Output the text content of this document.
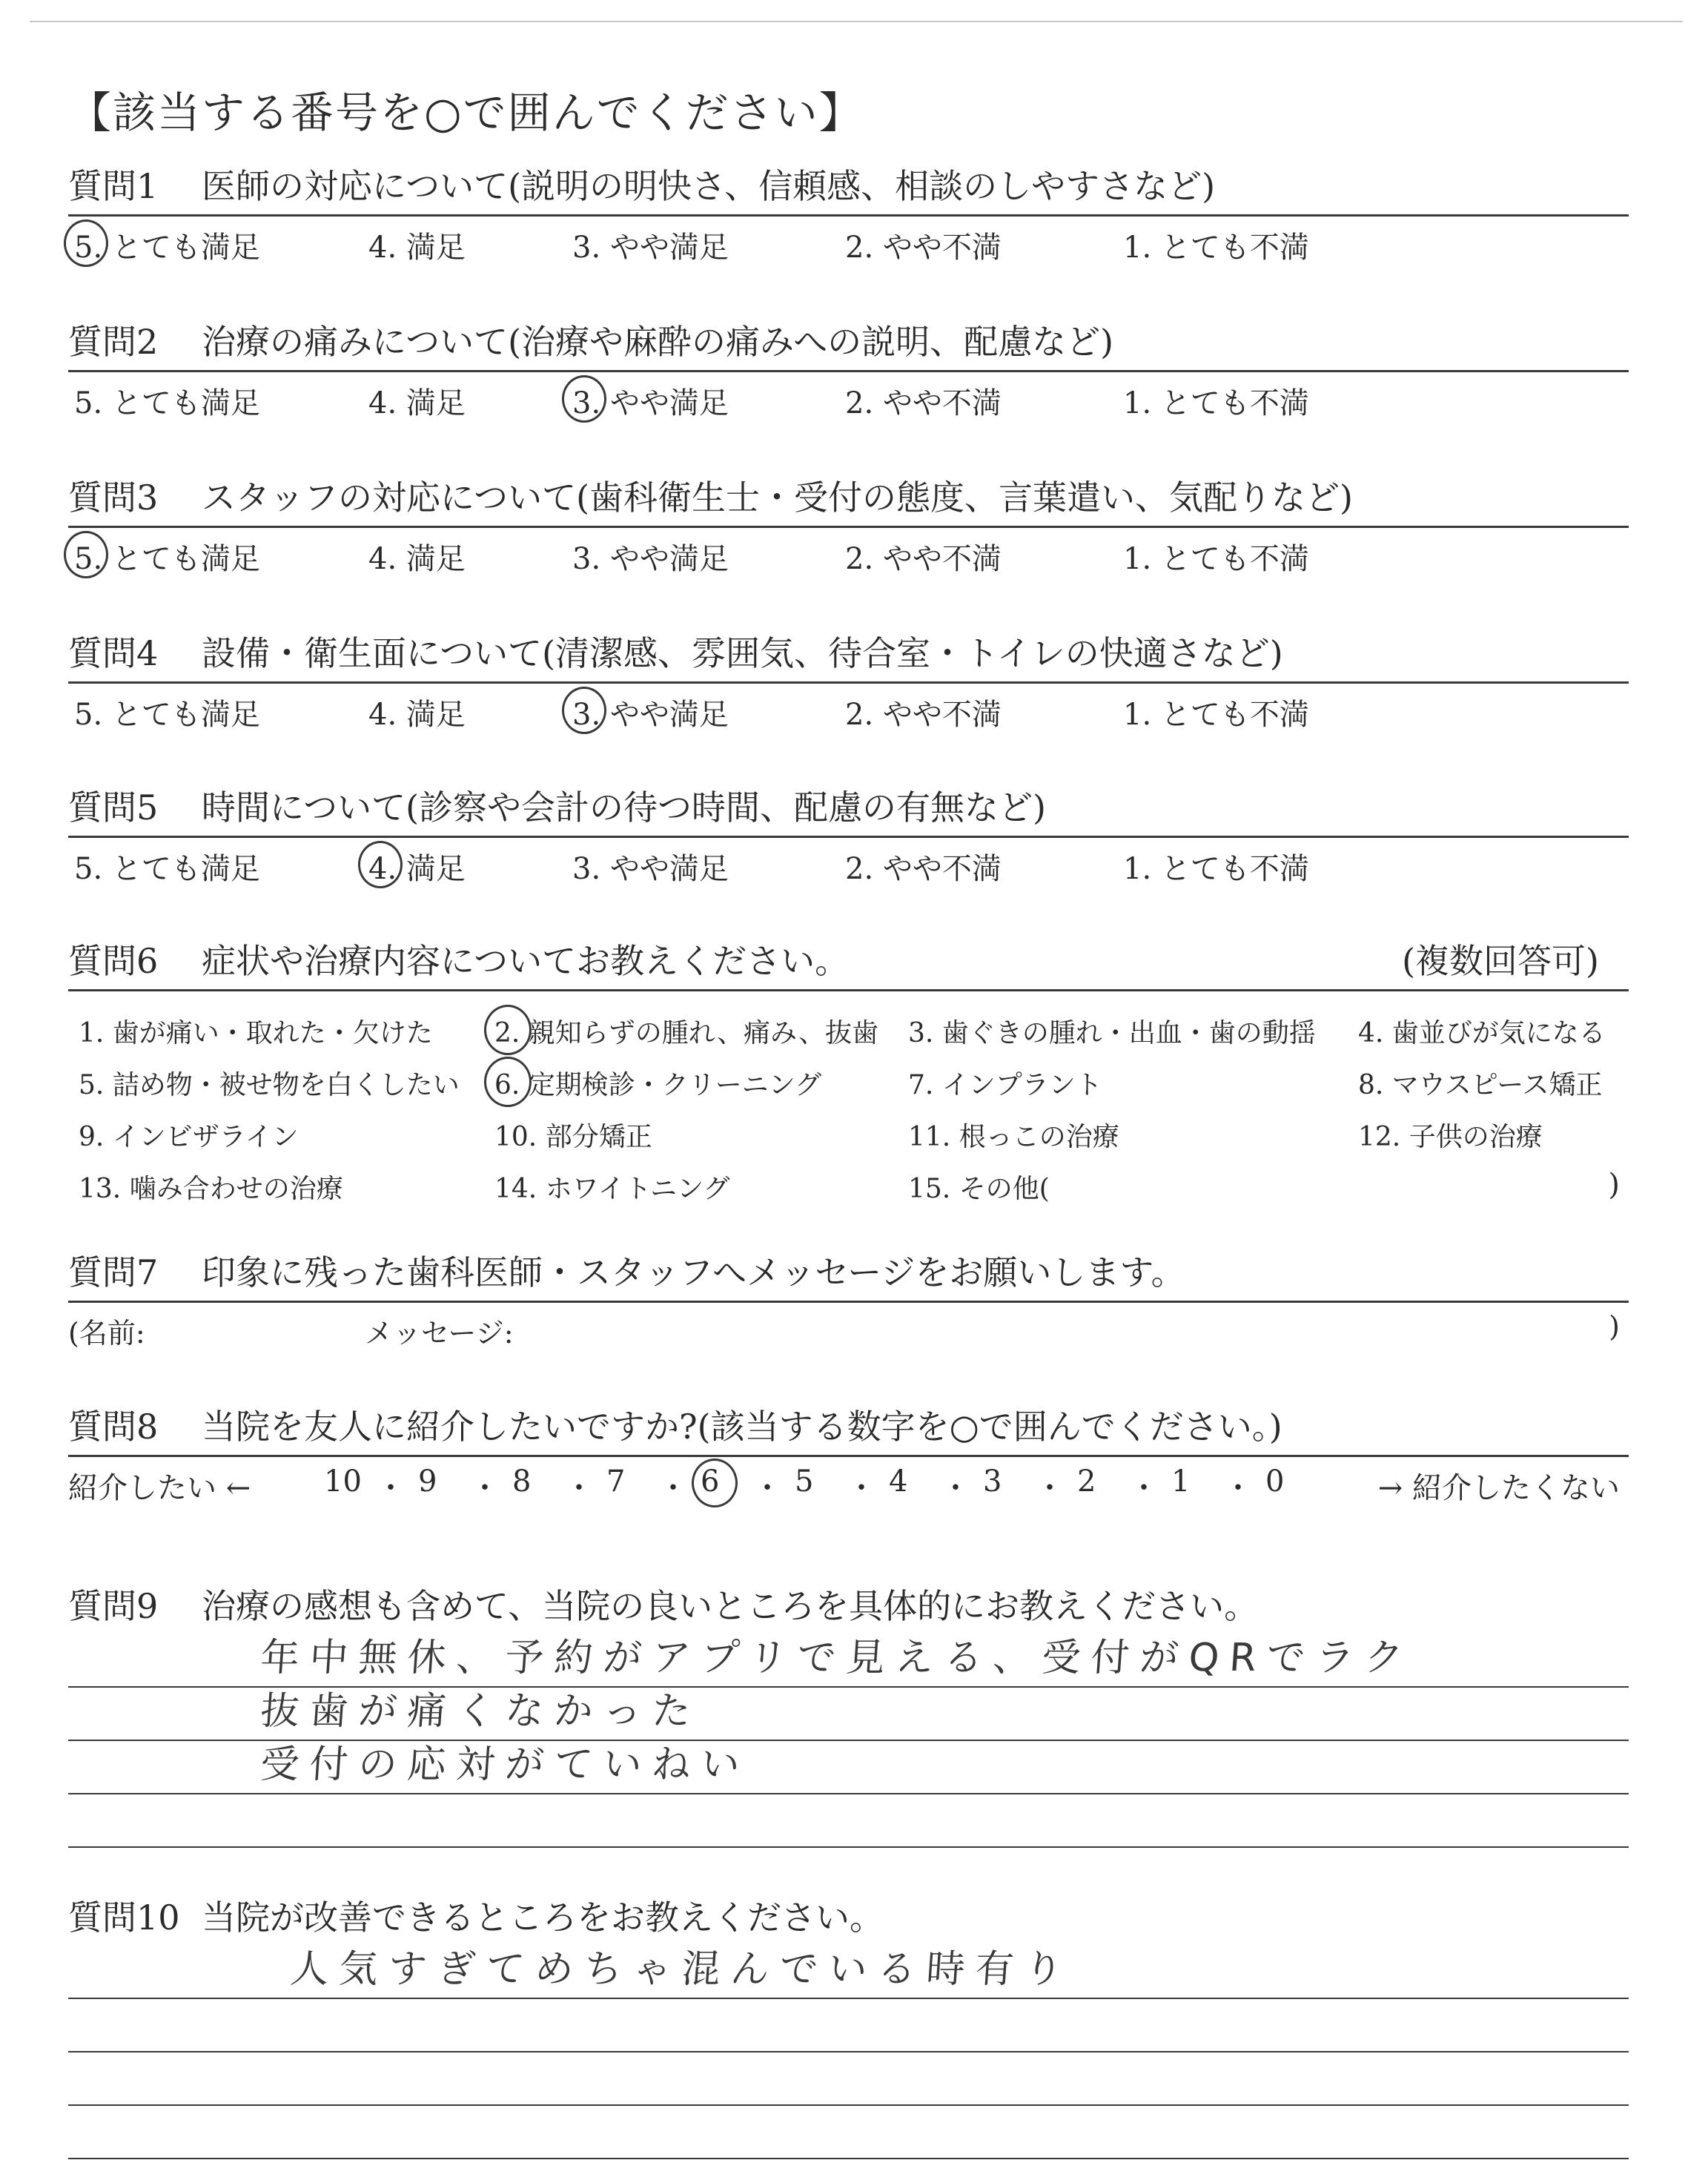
【該当する番号を○で囲んでください】
質問1 医師の対応について(説明の明快さ、信頼感、相談のしやすさなど)
5. とても満足	4. 満足	3. やや満足	2. やや不満	1. とても不満
質問2 治療の痛みについて(治療や麻酔の痛みへの説明、配慮など)
5. とても満足	4. 満足	3. やや満足	2. やや不満	1. とても不満
質問3 スタッフの対応について(歯科衛生士・受付の態度、言葉遣い、気配りなど)
5. とても満足	4. 満足	3. やや満足	2. やや不満	1. とても不満
質問4 設備・衛生面について(清潔感、雰囲気、待合室・トイレの快適さなど)
5. とても満足	4. 満足	3. やや満足	2. やや不満	1. とても不満
質問5 時間について(診察や会計の待つ時間、配慮の有無など)
5. とても満足	4. 満足	3. やや満足	2. やや不満	1. とても不満
質問6 症状や治療内容についてお教えください。	(複数回答可)
1. 歯が痛い・取れた・欠けた 2. 親知らずの腫れ、痛み、抜歯 3. 歯ぐきの腫れ・出血・歯の動揺 4. 歯並びが気になる
5. 詰め物・被せ物を白くしたい 6. 定期検診・クリーニング	7. インプラント	8. マウスピース矯正
9. インビザライン	10. 部分矯正	11. 根っこの治療	12. 子供の治療
13. 噛み合わせの治療	14. ホワイトニング	15. その他(	)
質問7 印象に残った歯科医師・スタッフへメッセージをお願いします。
(名前:	メッセージ:	)
質問8 当院を友人に紹介したいですか?(該当する数字を○で囲んでください。)
紹介したい ←	→ 紹介したくない
10 ・ 9 ・ 8 ・ 7 ・ 6 ・ 5 ・ 4 ・ 3 ・ 2 ・ 1 ・ 0
質問9 治療の感想も含めて、当院の良いところを具体的にお教えください。
年中無休、予約がアプリで見える、受付がQRでラク
抜歯が痛くなかった
受付の応対がていねい
質問10 当院が改善できるところをお教えください。
人気すぎてめちゃ混んでいる時有り
